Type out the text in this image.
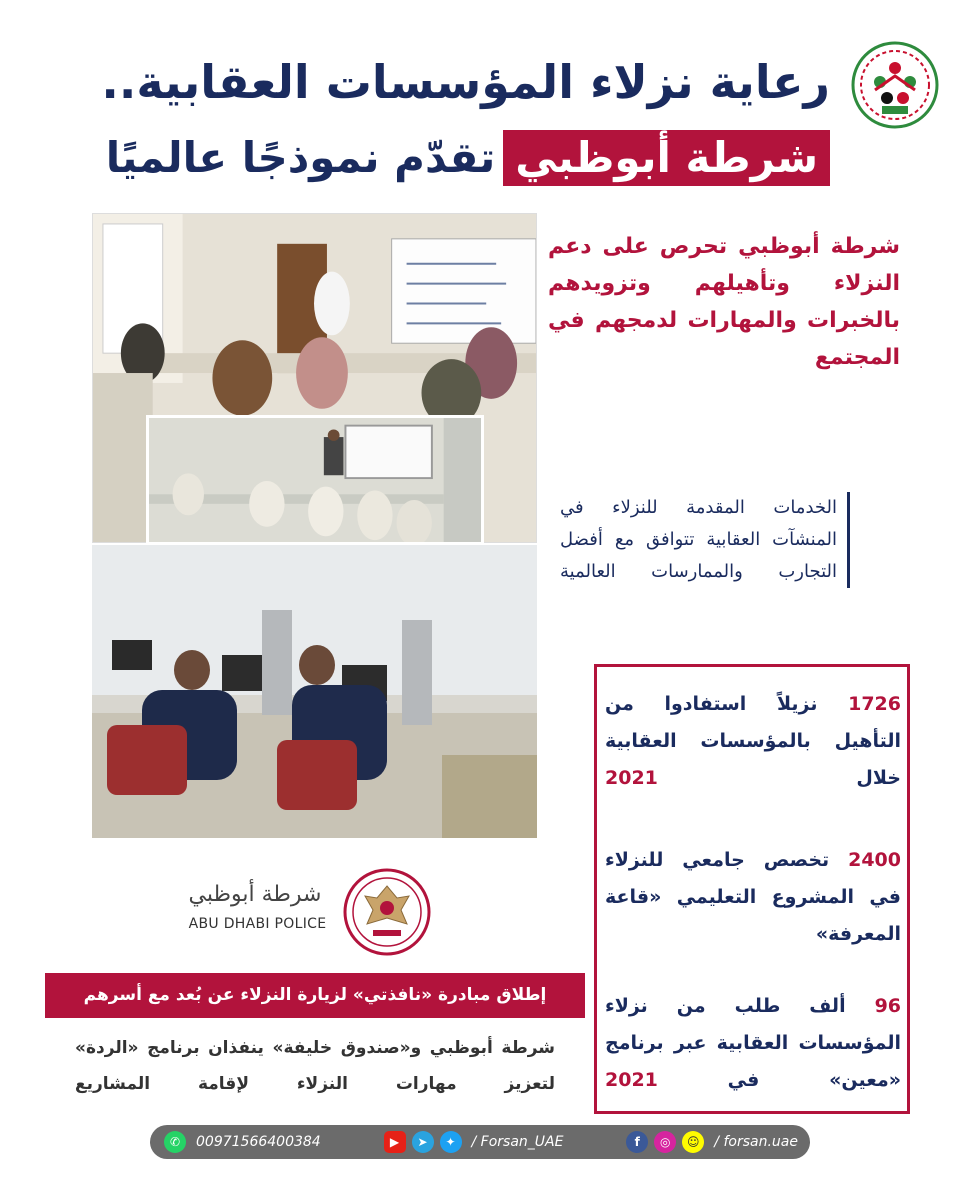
رعاية نزلاء المؤسسات العقابية..
شرطة أبوظبيتقدّم نموذجًا عالميًا
شرطة أبوظبي تحرص على دعم النزلاء وتأهيلهم وتزويدهم بالخبرات والمهارات لدمجهم في المجتمع
الخدمات المقدمة للنزلاء في المنشآت العقابية تتوافق مع أفضل التجارب والممارسات العالمية
1726 نزيلاً استفادوا من التأهيل بالمؤسسات العقابية خلال 2021
2400 تخصص جامعي للنزلاء في المشروع التعليمي «قاعة المعرفة»
96 ألف طلب من نزلاء المؤسسات العقابية عبر برنامج «معين» في 2021
شرطة أبوظبي
ABU DHABI POLICE
إطلاق مبادرة «نافذتي» لزيارة النزلاء عن بُعد مع أسرهم
شرطة أبوظبي و«صندوق خليفة» ينفذان برنامج «الردة» لتعزيز مهارات النزلاء لإقامة المشاريع
✆	00971566400384	▶	➤	✦	/ Forsan_UAE	f	◎	☺	/ forsan.uae
